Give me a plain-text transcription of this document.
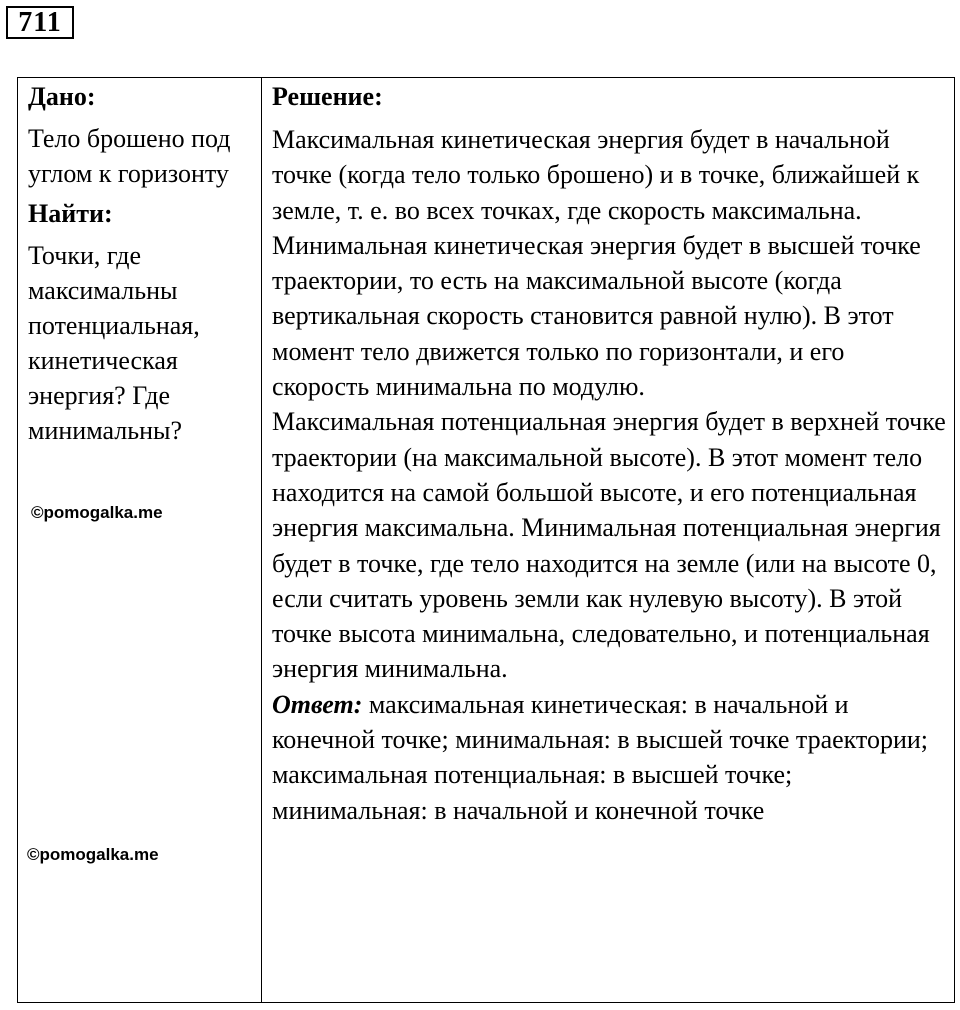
711

Дано:

Тело брошено под углом к горизонту

Найти:

Точки, где максимальны потенциальная, кинетическая энергия? Где минимальны?

©pomogalka.me
©pomogalka.me

Решение:

Максимальная кинетическая энергия будет в начальной точке (когда тело только брошено) и в точке, ближайшей к земле, т. е. во всех точках, где скорость максимальна. Минимальная кинетическая энергия будет в высшей точке траектории, то есть на максимальной высоте (когда вертикальная скорость становится равной нулю). В этот момент тело движется только по горизонтали, и его скорость минимальна по модулю.

Максимальная потенциальная энергия будет в верхней точке траектории (на максимальной высоте). В этот момент тело находится на самой большой высоте, и его потенциальная энергия максимальна. Минимальная потенциальная энергия будет в точке, где тело находится на земле (или на высоте 0, если считать уровень земли как нулевую высоту). В этой точке высота минимальна, следовательно, и потенциальная энергия минимальна.

Ответ: максимальная кинетическая: в начальной и конечной точке; минимальная: в высшей точке траектории; максимальная потенциальная: в высшей точке; минимальная: в начальной и конечной точке
